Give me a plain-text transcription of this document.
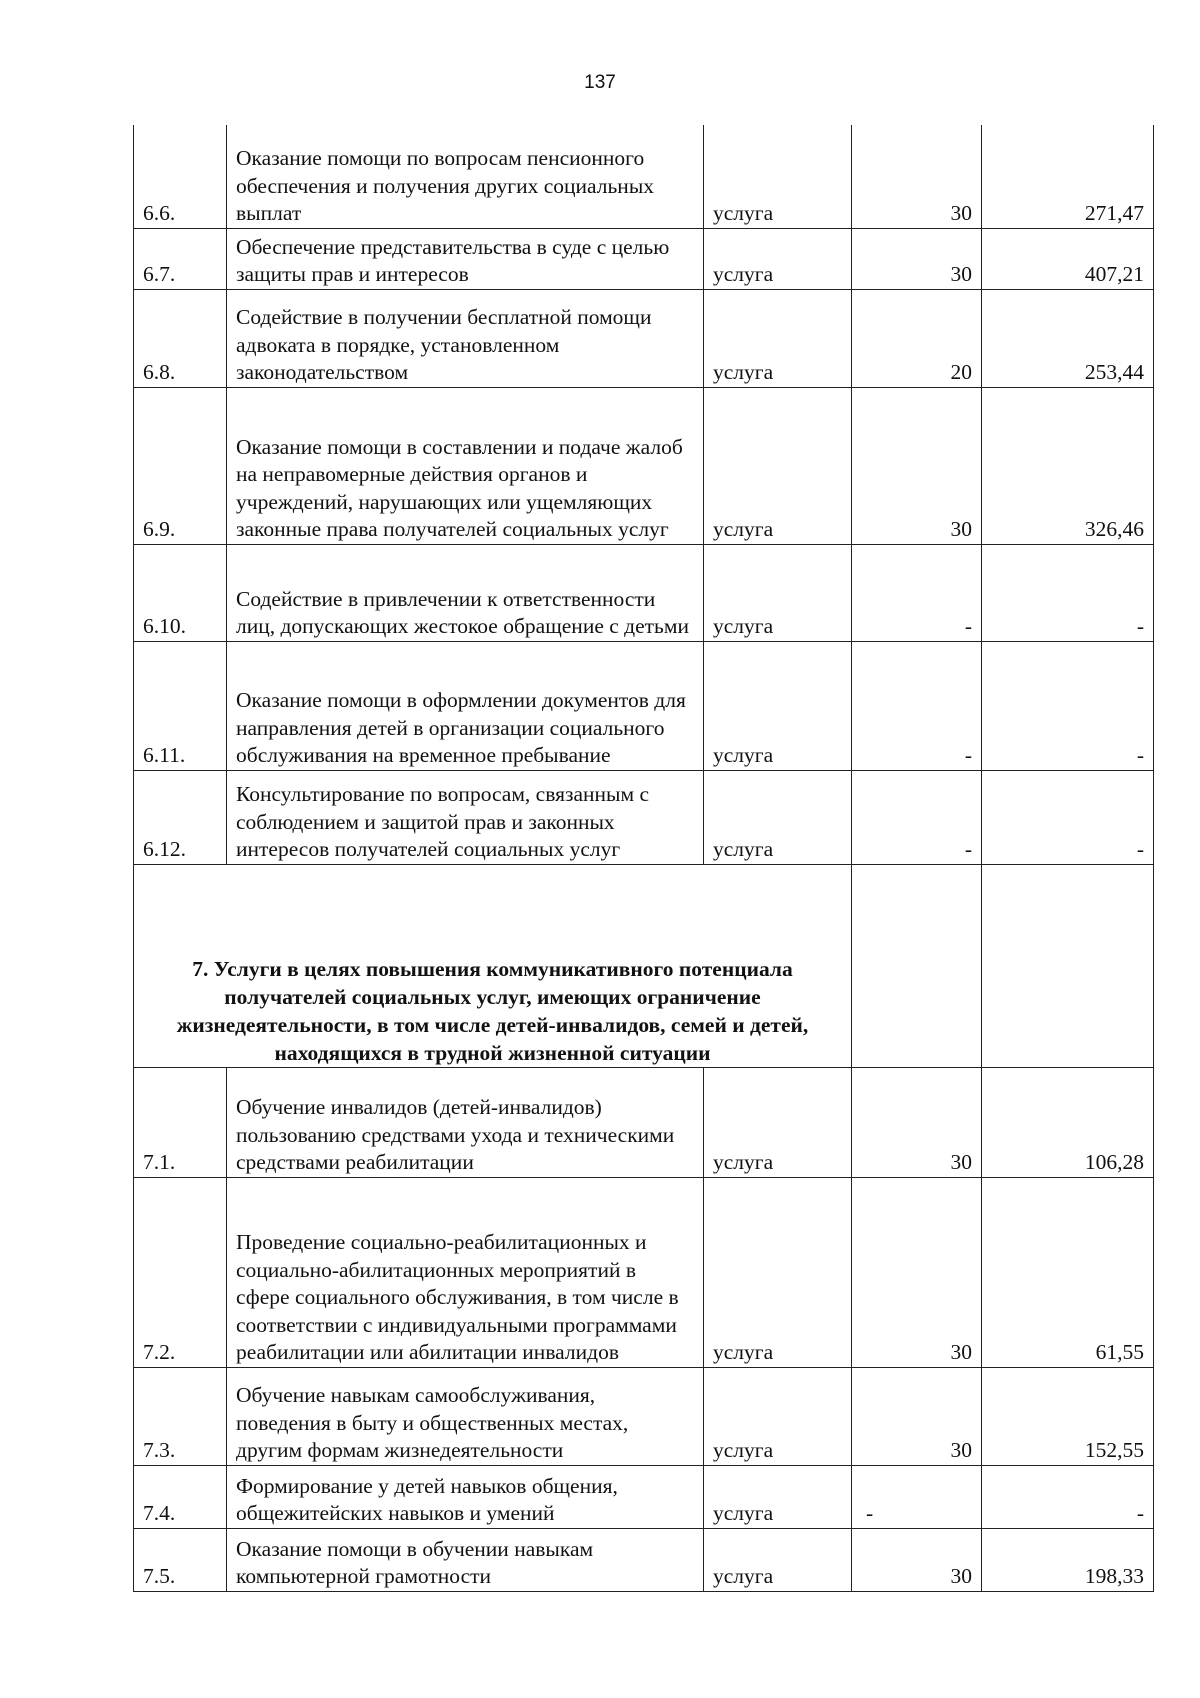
137
6.6.	Оказание помощи по вопросам пенсионного обеспечения и получения других социальных выплат	услуга	30	271,47
6.7.	Обеспечение представительства в суде с целью защиты прав и интересов	услуга	30	407,21
6.8.	Содействие в получении бесплатной помощи адвоката в порядке, установленном законодательством	услуга	20	253,44
6.9.	Оказание помощи в составлении и подаче жалоб на неправомерные действия органов и учреждений, нарушающих или ущемляющих законные права получателей социальных услуг	услуга	30	326,46
6.10.	Содействие в привлечении к ответственности лиц, допускающих жестокое обращение с детьми	услуга	-	-
6.11.	Оказание помощи в оформлении документов для направления детей в организации социального обслуживания на временное пребывание	услуга	-	-
6.12.	Консультирование по вопросам, связанным с соблюдением и защитой прав и законных интересов получателей социальных услуг	услуга	-	-
7. Услуги в целях повышения коммуникативного потенциала получателей социальных услуг, имеющих ограничение жизнедеятельности, в том числе детей-инвалидов, семей и детей, находящихся в трудной жизненной ситуации				
7.1.	Обучение инвалидов (детей-инвалидов) пользованию средствами ухода и техническими средствами реабилитации	услуга	30	106,28
7.2.	Проведение социально-реабилитационных и социально-абилитационных мероприятий в сфере социального обслуживания, в том числе в соответствии с индивидуальными программами реабилитации или абилитации инвалидов	услуга	30	61,55
7.3.	Обучение навыкам самообслуживания, поведения в быту и общественных местах, другим формам жизнедеятельности	услуга	30	152,55
7.4.	Формирование у детей навыков общения, общежитейских навыков и умений	услуга	-	-
7.5.	Оказание помощи в обучении навыкам компьютерной грамотности	услуга	30	198,33
